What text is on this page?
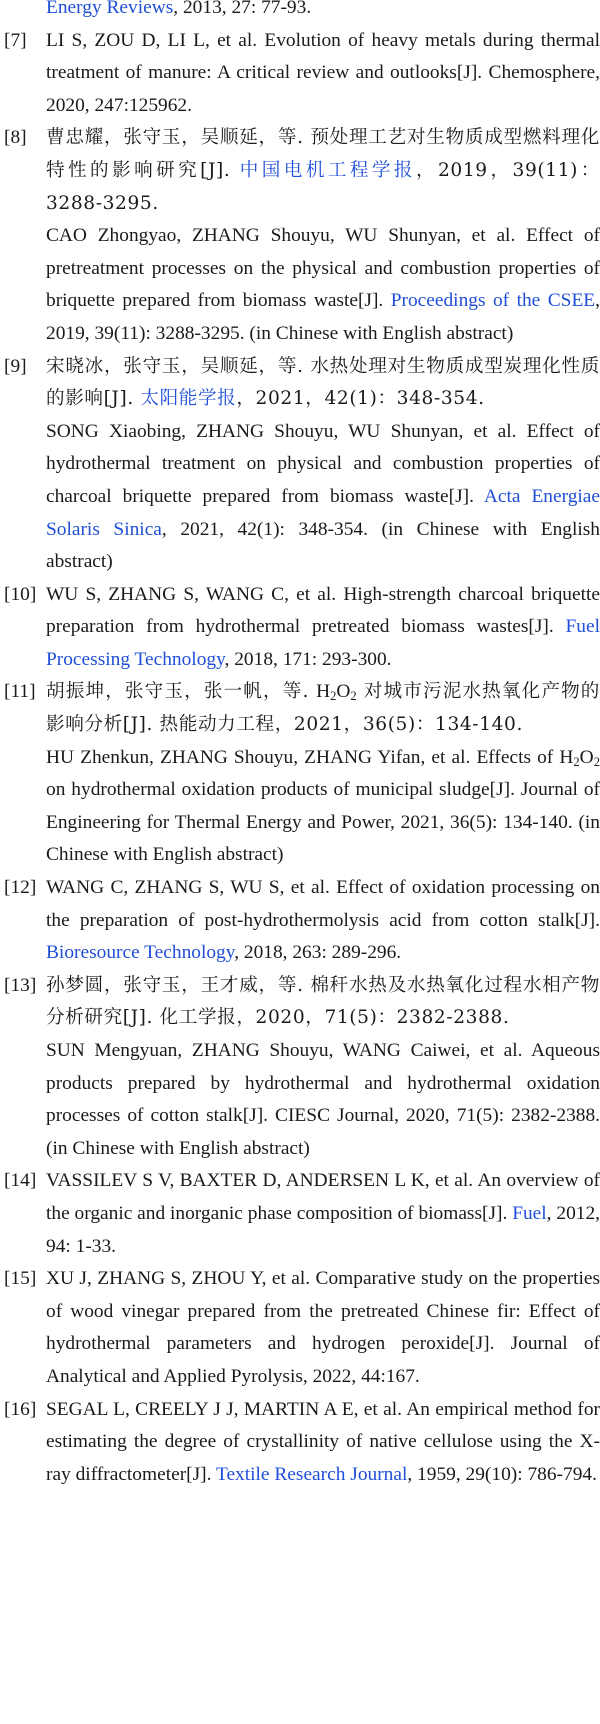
Energy Reviews, 2013, 27: 77-93.

[7] LI S, ZOU D, LI L, et al. Evolution of heavy metals during thermal treatment of manure: A critical review and outlooks[J]. Chemosphere, 2020, 247:125962.

[8]	曹忠耀，张守玉，吴顺延，等. 预处理工艺对生物质成型燃料理化特性的影响研究[J]. 中国电机工程学报，2019，39(11)：3288-3295.

CAO Zhongyao, ZHANG Shouyu, WU Shunyan, et al. Effect of pretreatment processes on the physical and combustion properties of briquette prepared from biomass waste[J]. Proceedings of the CSEE, 2019, 39(11): 3288-3295. (in Chinese with English abstract)

[9]	宋晓冰，张守玉，吴顺延，等. 水热处理对生物质成型炭理化性质的影响[J]. 太阳能学报，2021，42(1)：348-354.

SONG Xiaobing, ZHANG Shouyu, WU Shunyan, et al. Effect of hydrothermal treatment on physical and combustion properties of charcoal briquette prepared from biomass waste[J]. Acta Energiae Solaris Sinica, 2021, 42(1): 348-354. (in Chinese with English abstract)

[10] WU S, ZHANG S, WANG C, et al. High-strength charcoal briquette preparation from hydrothermal pretreated biomass wastes[J]. Fuel Processing Technology, 2018, 171: 293-300.

[11] 胡振坤，张守玉，张一帆，等. $H_2O_2$ 对城市污泥水热氧化产物的影响分析[J]. 热能动力工程，2021，36(5)：134-140.

HU Zhenkun, ZHANG Shouyu, ZHANG Yifan, et al. Effects of $H_2O_2$ on hydrothermal oxidation products of municipal sludge[J]. Journal of Engineering for Thermal Energy and Power, 2021, 36(5): 134-140. (in Chinese with English abstract)

[12] WANG C, ZHANG S, WU S, et al. Effect of oxidation processing on the preparation of post-hydrothermolysis acid from cotton stalk[J]. Bioresource Technology, 2018, 263: 289-296.

[13] 孙梦圆，张守玉，王才威，等. 棉秆水热及水热氧化过程水相产物分析研究[J]. 化工学报，2020，71(5)：2382-2388.

SUN Mengyuan, ZHANG Shouyu, WANG Caiwei, et al. Aqueous products prepared by hydrothermal and hydrothermal oxidation processes of cotton stalk[J]. CIESC Journal, 2020, 71(5): 2382-2388. (in Chinese with English abstract)

[14] VASSILEV S V, BAXTER D, ANDERSEN L K, et al. An overview of the organic and inorganic phase composition of biomass[J]. Fuel, 2012, 94: 1-33.

[15] XU J, ZHANG S, ZHOU Y, et al. Comparative study on the properties of wood vinegar prepared from the pretreated Chinese fir: Effect of hydrothermal parameters and hydrogen peroxide[J]. Journal of Analytical and Applied Pyrolysis, 2022, 44:167.

[16] SEGAL L, CREELY J J, MARTIN A E, et al. An empirical method for estimating the degree of crystallinity of native cellulose using the X-ray diffractometer[J]. Textile Research Journal, 1959, 29(10): 786-794.
